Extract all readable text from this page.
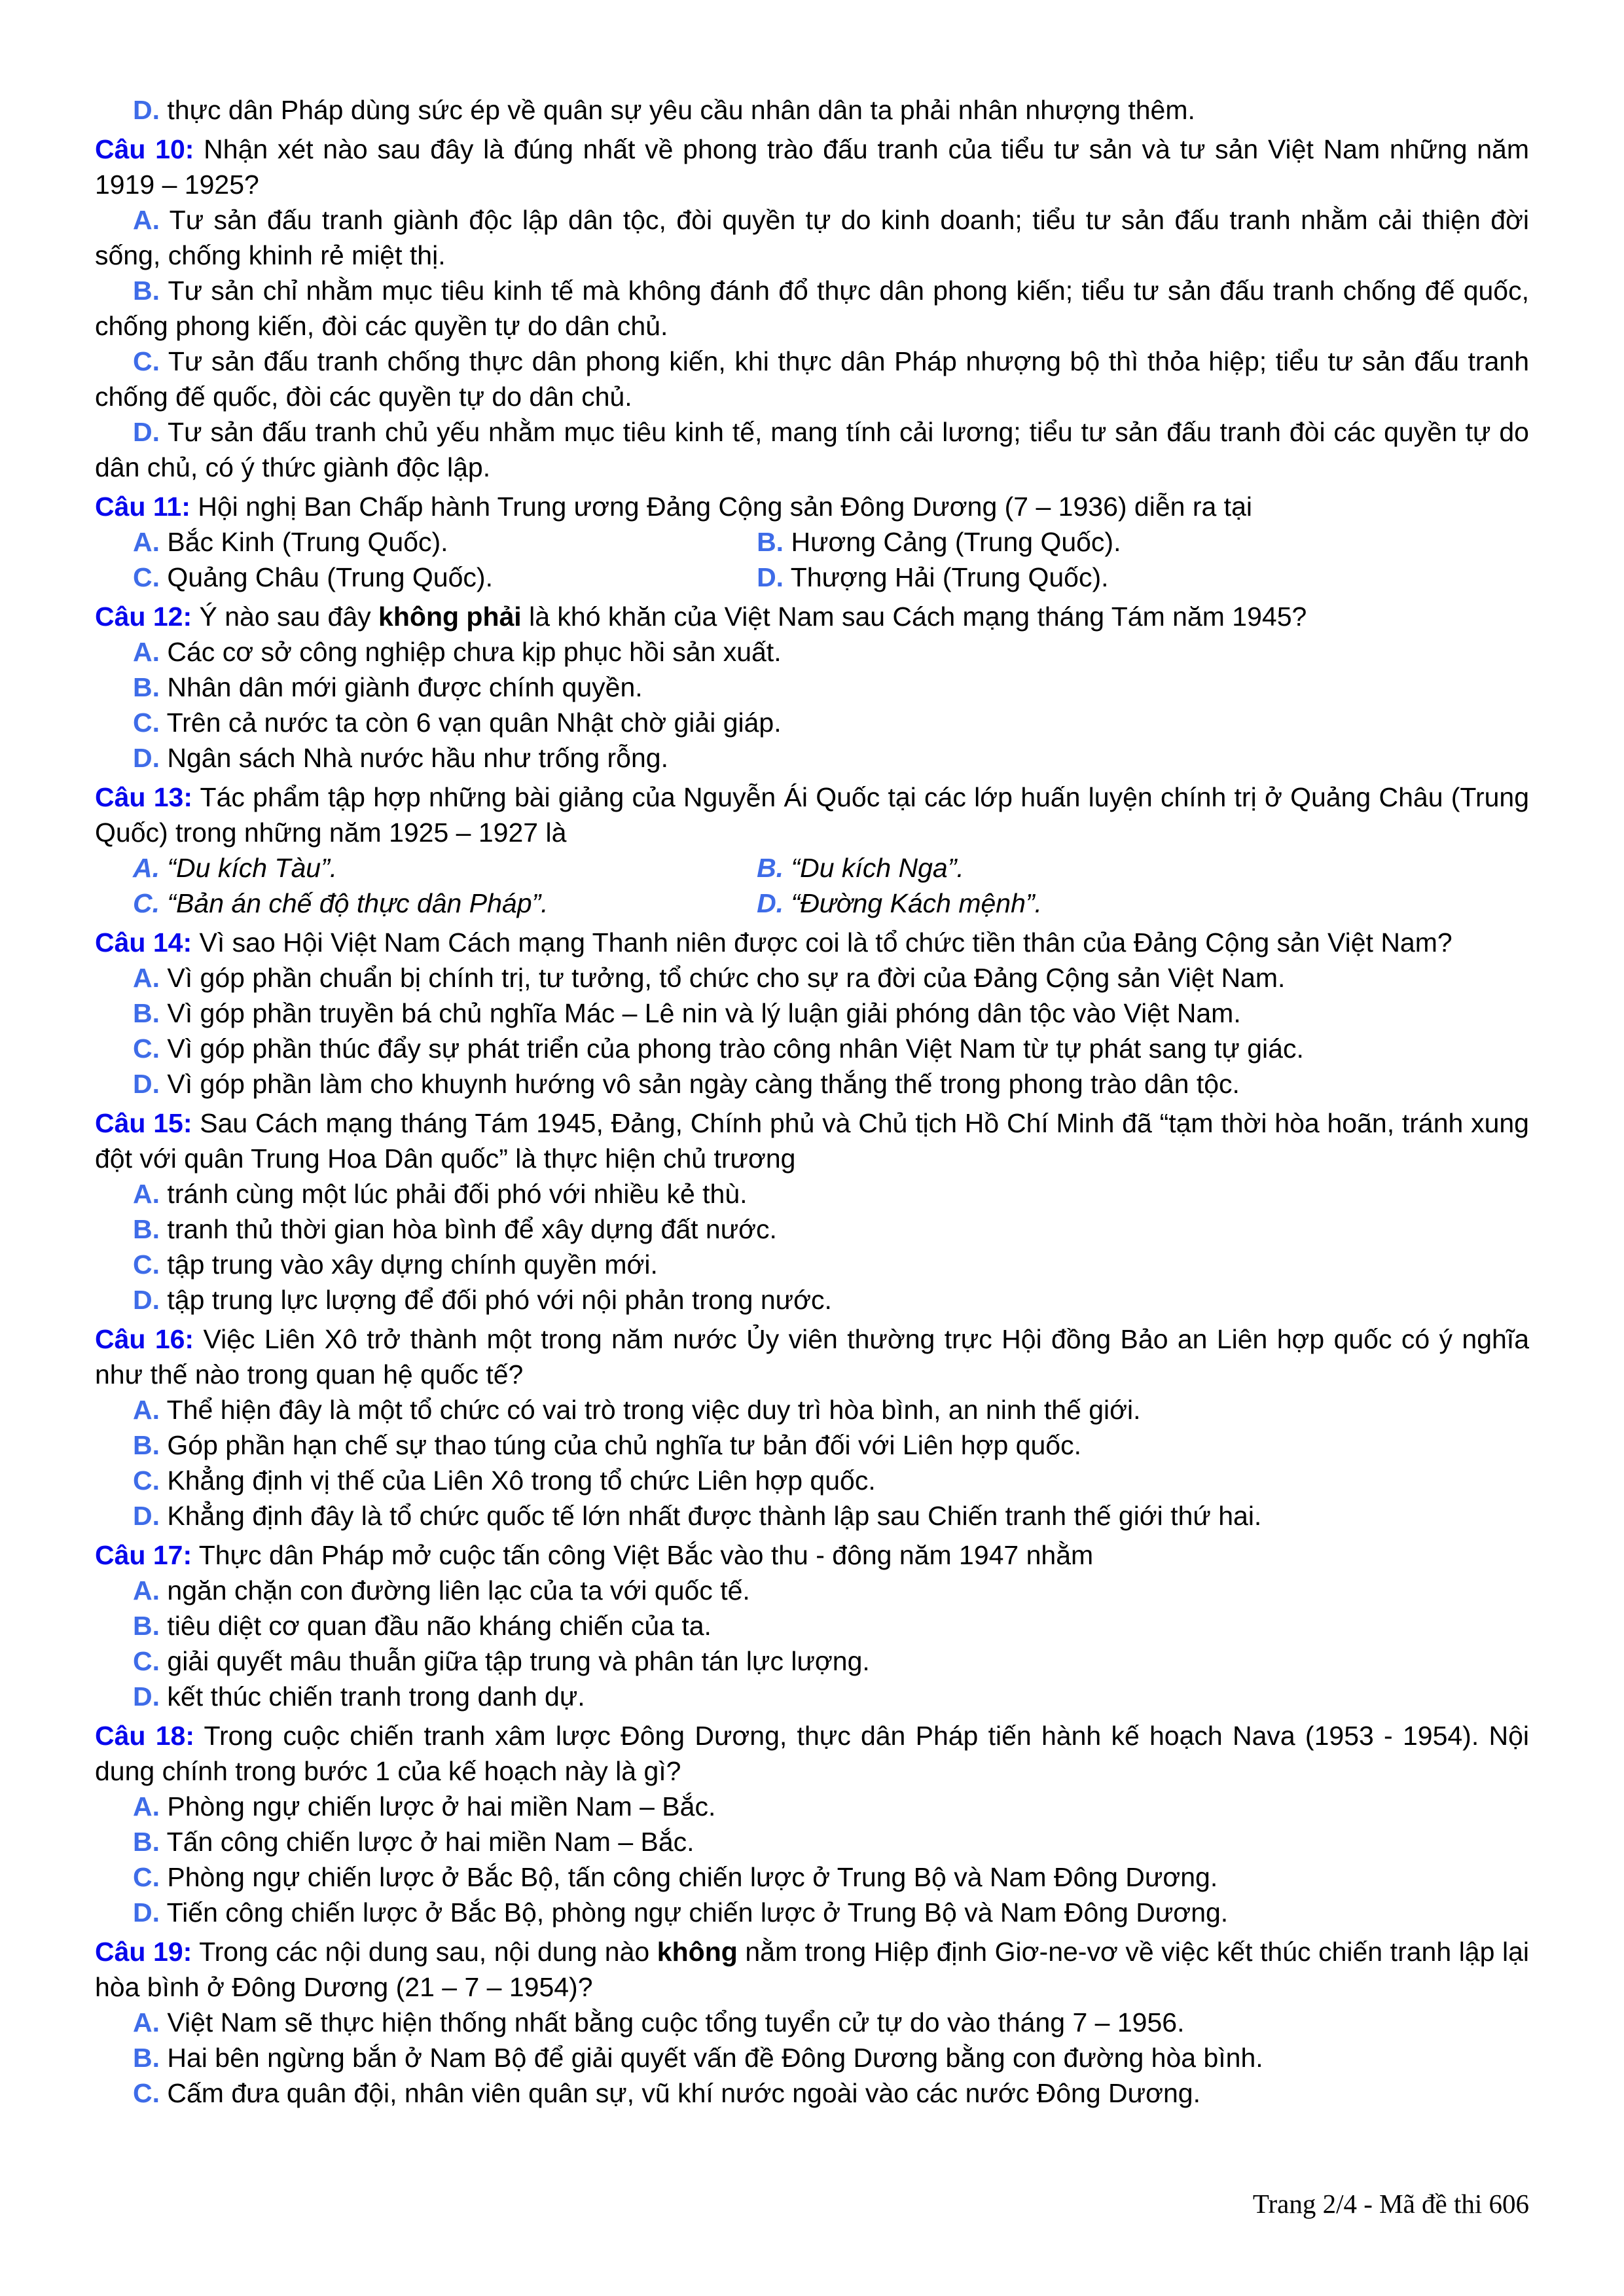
D. thực dân Pháp dùng sức ép về quân sự yêu cầu nhân dân ta phải nhân nhượng thêm.

Câu 10: Nhận xét nào sau đây là đúng nhất về phong trào đấu tranh của tiểu tư sản và tư sản Việt Nam những năm 1919 – 1925?

A. Tư sản đấu tranh giành độc lập dân tộc, đòi quyền tự do kinh doanh; tiểu tư sản đấu tranh nhằm cải thiện đời sống, chống khinh rẻ miệt thị.

B. Tư sản chỉ nhằm mục tiêu kinh tế mà không đánh đổ thực dân phong kiến; tiểu tư sản đấu tranh chống đế quốc, chống phong kiến, đòi các quyền tự do dân chủ.

C. Tư sản đấu tranh chống thực dân phong kiến, khi thực dân Pháp nhượng bộ thì thỏa hiệp; tiểu tư sản đấu tranh chống đế quốc, đòi các quyền tự do dân chủ.

D. Tư sản đấu tranh chủ yếu nhằm mục tiêu kinh tế, mang tính cải lương; tiểu tư sản đấu tranh đòi các quyền tự do dân chủ, có ý thức giành độc lập.

Câu 11: Hội nghị Ban Chấp hành Trung ương Đảng Cộng sản Đông Dương (7 – 1936) diễn ra tại

A. Bắc Kinh (Trung Quốc).	B. Hương Cảng (Trung Quốc).

C. Quảng Châu (Trung Quốc).	D. Thượng Hải (Trung Quốc).

Câu 12: Ý nào sau đây không phải là khó khăn của Việt Nam sau Cách mạng tháng Tám năm 1945?

A. Các cơ sở công nghiệp chưa kịp phục hồi sản xuất.

B. Nhân dân mới giành được chính quyền.

C. Trên cả nước ta còn 6 vạn quân Nhật chờ giải giáp.

D. Ngân sách Nhà nước hầu như trống rỗng.

Câu 13: Tác phẩm tập hợp những bài giảng của Nguyễn Ái Quốc tại các lớp huấn luyện chính trị ở Quảng Châu (Trung Quốc) trong những năm 1925 – 1927 là

A. “Du kích Tàu”.	B. “Du kích Nga”.

C. “Bản án chế độ thực dân Pháp”.	D. “Đường Kách mệnh”.

Câu 14: Vì sao Hội Việt Nam Cách mạng Thanh niên được coi là tổ chức tiền thân của Đảng Cộng sản Việt Nam?

A. Vì góp phần chuẩn bị chính trị, tư tưởng, tổ chức cho sự ra đời của Đảng Cộng sản Việt Nam.

B. Vì góp phần truyền bá chủ nghĩa Mác – Lê nin và lý luận giải phóng dân tộc vào Việt Nam.

C. Vì góp phần thúc đẩy sự phát triển của phong trào công nhân Việt Nam từ tự phát sang tự giác.

D. Vì góp phần làm cho khuynh hướng vô sản ngày càng thắng thế trong phong trào dân tộc.

Câu 15: Sau Cách mạng tháng Tám 1945, Đảng, Chính phủ và Chủ tịch Hồ Chí Minh đã “tạm thời hòa hoãn, tránh xung đột với quân Trung Hoa Dân quốc” là thực hiện chủ trương

A. tránh cùng một lúc phải đối phó với nhiều kẻ thù.

B. tranh thủ thời gian hòa bình để xây dựng đất nước.

C. tập trung vào xây dựng chính quyền mới.

D. tập trung lực lượng để đối phó với nội phản trong nước.

Câu 16: Việc Liên Xô trở thành một trong năm nước Ủy viên thường trực Hội đồng Bảo an Liên hợp quốc có ý nghĩa như thế nào trong quan hệ quốc tế?

A. Thể hiện đây là một tổ chức có vai trò trong việc duy trì hòa bình, an ninh thế giới.

B. Góp phần hạn chế sự thao túng của chủ nghĩa tư bản đối với Liên hợp quốc.

C. Khẳng định vị thế của Liên Xô trong tổ chức Liên hợp quốc.

D. Khẳng định đây là tổ chức quốc tế lớn nhất được thành lập sau Chiến tranh thế giới thứ hai.

Câu 17: Thực dân Pháp mở cuộc tấn công Việt Bắc vào thu - đông năm 1947 nhằm

A. ngăn chặn con đường liên lạc của ta với quốc tế.

B. tiêu diệt cơ quan đầu não kháng chiến của ta.

C. giải quyết mâu thuẫn giữa tập trung và phân tán lực lượng.

D. kết thúc chiến tranh trong danh dự.

Câu 18: Trong cuộc chiến tranh xâm lược Đông Dương, thực dân Pháp tiến hành kế hoạch Nava (1953 - 1954). Nội dung chính trong bước 1 của kế hoạch này là gì?

A. Phòng ngự chiến lược ở hai miền Nam – Bắc.

B. Tấn công chiến lược ở hai miền Nam – Bắc.

C. Phòng ngự chiến lược ở Bắc Bộ, tấn công chiến lược ở Trung Bộ và Nam Đông Dương.

D. Tiến công chiến lược ở Bắc Bộ, phòng ngự chiến lược ở Trung Bộ và Nam Đông Dương.

Câu 19: Trong các nội dung sau, nội dung nào không nằm trong Hiệp định Giơ-ne-vơ về việc kết thúc chiến tranh lập lại hòa bình ở Đông Dương (21 – 7 – 1954)?

A. Việt Nam sẽ thực hiện thống nhất bằng cuộc tổng tuyển cử tự do vào tháng 7 – 1956.

B. Hai bên ngừng bắn ở Nam Bộ để giải quyết vấn đề Đông Dương bằng con đường hòa bình.

C. Cấm đưa quân đội, nhân viên quân sự, vũ khí nước ngoài vào các nước Đông Dương.

Trang 2/4 - Mã đề thi 606
